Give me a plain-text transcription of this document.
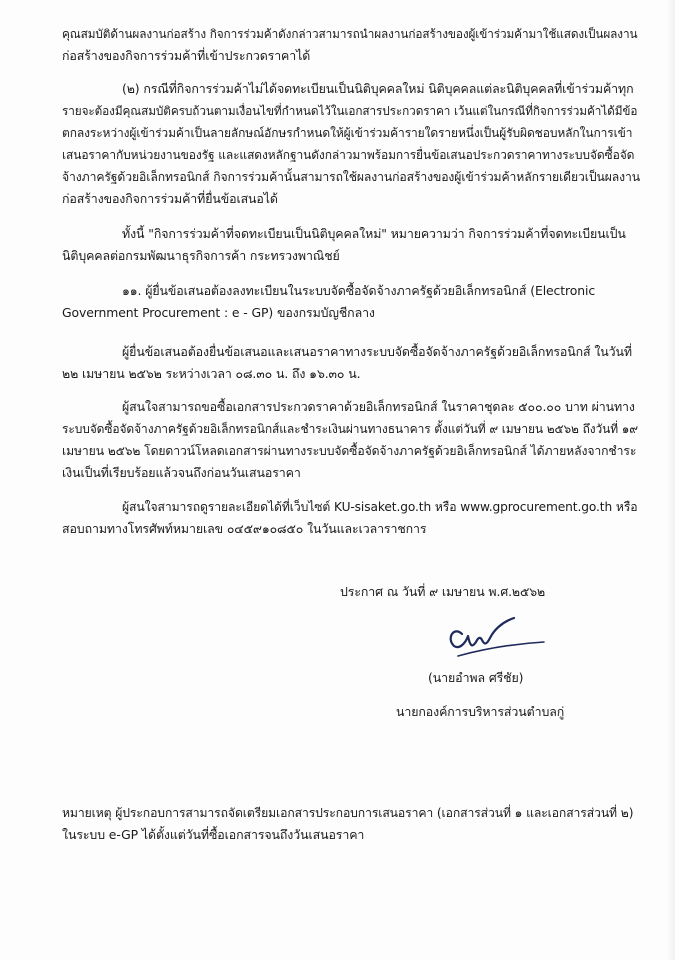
คุณสมบัติด้านผลงานก่อสร้าง กิจการร่วมค้าดังกล่าวสามารถนำผลงานก่อสร้างของผู้เข้าร่วมค้ามาใช้แสดงเป็นผลงาน
ก่อสร้างของกิจการร่วมค้าที่เข้าประกวดราคาได้
(๒) กรณีที่กิจการร่วมค้าไม่ได้จดทะเบียนเป็นนิติบุคคลใหม่ นิติบุคคลแต่ละนิติบุคคลที่เข้าร่วมค้าทุก
รายจะต้องมีคุณสมบัติครบถ้วนตามเงื่อนไขที่กำหนดไว้ในเอกสารประกวดราคา เว้นแต่ในกรณีที่กิจการร่วมค้าได้มีข้อ
ตกลงระหว่างผู้เข้าร่วมค้าเป็นลายลักษณ์อักษรกำหนดให้ผู้เข้าร่วมค้ารายใดรายหนึ่งเป็นผู้รับผิดชอบหลักในการเข้า
เสนอราคากับหน่วยงานของรัฐ และแสดงหลักฐานดังกล่าวมาพร้อมการยื่นข้อเสนอประกวดราคาทางระบบจัดซื้อจัด
จ้างภาครัฐด้วยอิเล็กทรอนิกส์ กิจการร่วมค้านั้นสามารถใช้ผลงานก่อสร้างของผู้เข้าร่วมค้าหลักรายเดียวเป็นผลงาน
ก่อสร้างของกิจการร่วมค้าที่ยื่นข้อเสนอได้
ทั้งนี้ "กิจการร่วมค้าที่จดทะเบียนเป็นนิติบุคคลใหม่" หมายความว่า กิจการร่วมค้าที่จดทะเบียนเป็น
นิติบุคคลต่อกรมพัฒนาธุรกิจการค้า กระทรวงพาณิชย์
๑๑. ผู้ยื่นข้อเสนอต้องลงทะเบียนในระบบจัดซื้อจัดจ้างภาครัฐด้วยอิเล็กทรอนิกส์ (Electronic
Government Procurement : e - GP) ของกรมบัญชีกลาง
ผู้ยื่นข้อเสนอต้องยื่นข้อเสนอและเสนอราคาทางระบบจัดซื้อจัดจ้างภาครัฐด้วยอิเล็กทรอนิกส์ ในวันที่
๒๒ เมษายน ๒๕๖๒ ระหว่างเวลา ๐๘.๓๐ น. ถึง ๑๖.๓๐ น.
ผู้สนใจสามารถขอซื้อเอกสารประกวดราคาด้วยอิเล็กทรอนิกส์ ในราคาชุดละ ๕๐๐.๐๐ บาท ผ่านทาง
ระบบจัดซื้อจัดจ้างภาครัฐด้วยอิเล็กทรอนิกส์และชำระเงินผ่านทางธนาคาร ตั้งแต่วันที่ ๙ เมษายน ๒๕๖๒ ถึงวันที่ ๑๙
เมษายน ๒๕๖๒ โดยดาวน์โหลดเอกสารผ่านทางระบบจัดซื้อจัดจ้างภาครัฐด้วยอิเล็กทรอนิกส์ ได้ภายหลังจากชำระ
เงินเป็นที่เรียบร้อยแล้วจนถึงก่อนวันเสนอราคา
ผู้สนใจสามารถดูรายละเอียดได้ที่เว็บไซต์ KU-sisaket.go.th หรือ www.gprocurement.go.th หรือ
สอบถามทางโทรศัพท์หมายเลข ๐๔๕๙๑๐๘๕๐ ในวันและเวลาราชการ
ประกาศ ณ วันที่ ๙ เมษายน พ.ศ.๒๕๖๒
(นายอำพล ศรีชัย)
นายกองค์การบริหารส่วนตำบลกู่
หมายเหตุ ผู้ประกอบการสามารถจัดเตรียมเอกสารประกอบการเสนอราคา (เอกสารส่วนที่ ๑ และเอกสารส่วนที่ ๒)
ในระบบ e-GP ได้ตั้งแต่วันที่ซื้อเอกสารจนถึงวันเสนอราคา
